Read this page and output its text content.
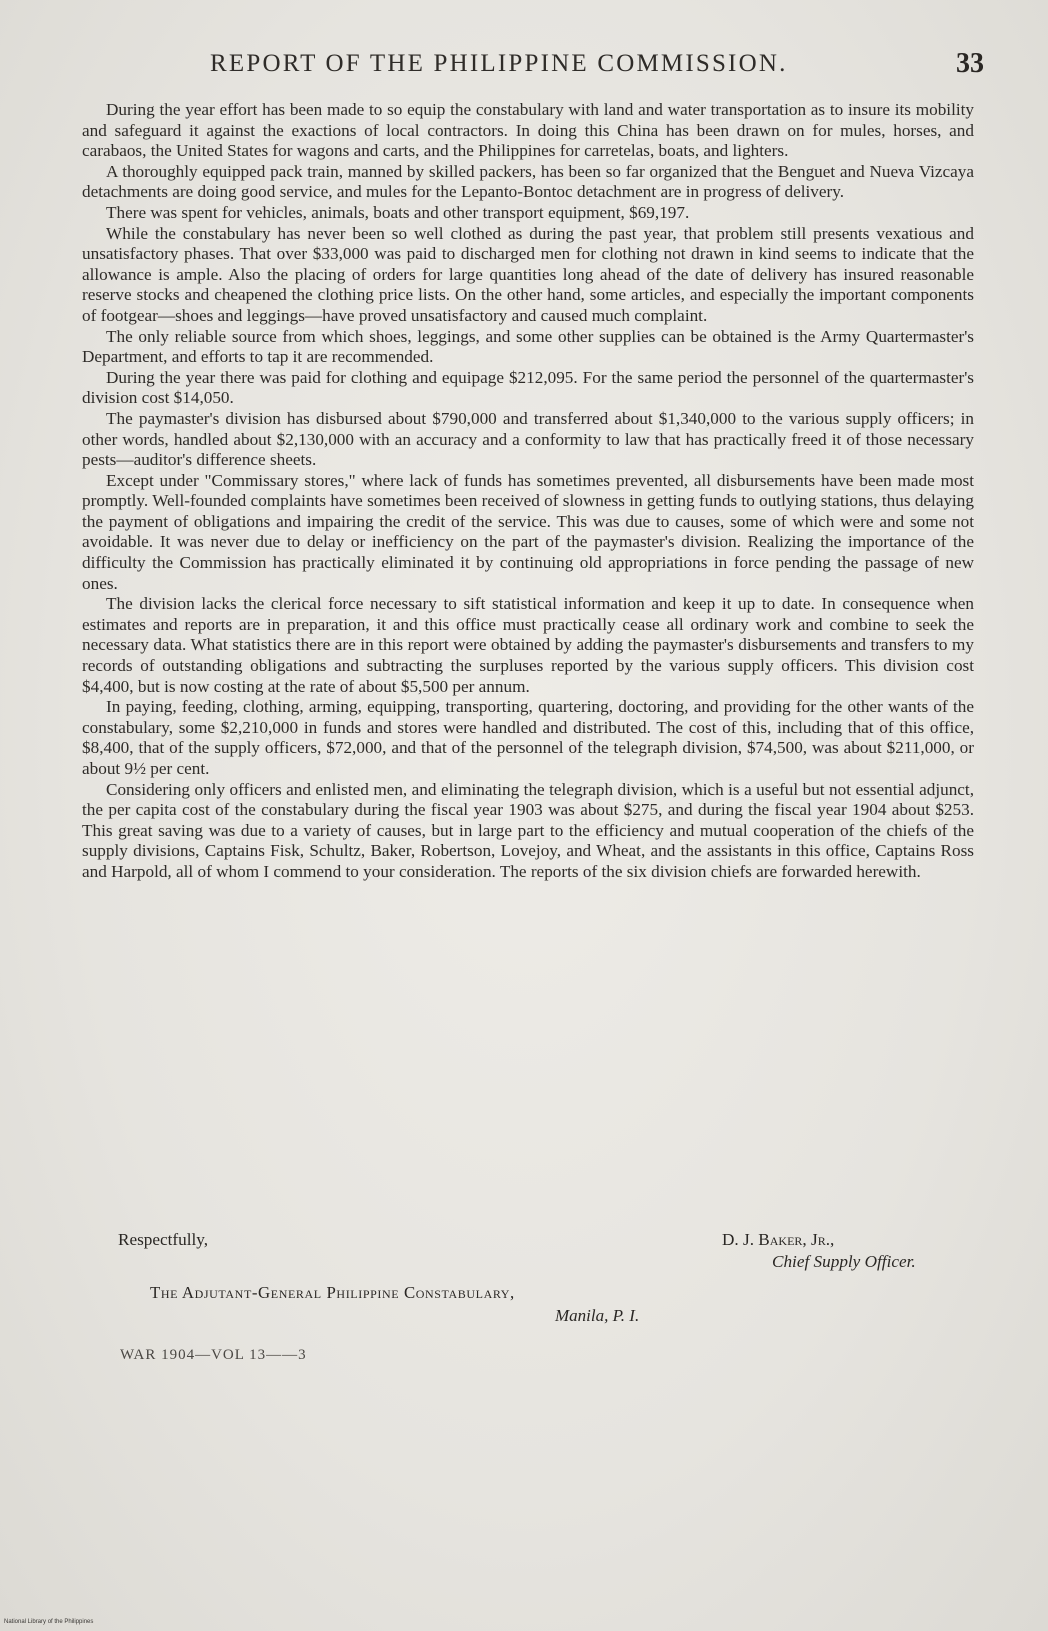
REPORT OF THE PHILIPPINE COMMISSION.	33

During the year effort has been made to so equip the constabulary with land and water transportation as to insure its mobility and safeguard it against the exactions of local contractors. In doing this China has been drawn on for mules, horses, and carabaos, the United States for wagons and carts, and the Philippines for carretelas, boats, and lighters.

A thoroughly equipped pack train, manned by skilled packers, has been so far organized that the Benguet and Nueva Vizcaya detachments are doing good service, and mules for the Lepanto-Bontoc detachment are in progress of delivery.

There was spent for vehicles, animals, boats and other transport equipment, $69,197.

While the constabulary has never been so well clothed as during the past year, that problem still presents vexatious and unsatisfactory phases. That over $33,000 was paid to discharged men for clothing not drawn in kind seems to indicate that the allowance is ample. Also the placing of orders for large quantities long ahead of the date of delivery has insured reasonable reserve stocks and cheapened the clothing price lists. On the other hand, some articles, and especially the important components of footgear—shoes and leggings—have proved unsatisfactory and caused much complaint.

The only reliable source from which shoes, leggings, and some other supplies can be obtained is the Army Quartermaster's Department, and efforts to tap it are recommended.

During the year there was paid for clothing and equipage $212,095. For the same period the personnel of the quartermaster's division cost $14,050.

The paymaster's division has disbursed about $790,000 and transferred about $1,340,000 to the various supply officers; in other words, handled about $2,130,000 with an accuracy and a conformity to law that has practically freed it of those necessary pests—auditor's difference sheets.

Except under "Commissary stores," where lack of funds has sometimes prevented, all disbursements have been made most promptly. Well-founded complaints have sometimes been received of slowness in getting funds to outlying stations, thus delaying the payment of obligations and impairing the credit of the service. This was due to causes, some of which were and some not avoidable. It was never due to delay or inefficiency on the part of the paymaster's division. Realizing the importance of the difficulty the Commission has practically eliminated it by continuing old appropriations in force pending the passage of new ones.

The division lacks the clerical force necessary to sift statistical information and keep it up to date. In consequence when estimates and reports are in preparation, it and this office must practically cease all ordinary work and combine to seek the necessary data. What statistics there are in this report were obtained by adding the paymaster's disbursements and transfers to my records of outstanding obligations and subtracting the surpluses reported by the various supply officers. This division cost $4,400, but is now costing at the rate of about $5,500 per annum.

In paying, feeding, clothing, arming, equipping, transporting, quartering, doctoring, and providing for the other wants of the constabulary, some $2,210,000 in funds and stores were handled and distributed. The cost of this, including that of this office, $8,400, that of the supply officers, $72,000, and that of the personnel of the telegraph division, $74,500, was about $211,000, or about 9½ per cent.

Considering only officers and enlisted men, and eliminating the telegraph division, which is a useful but not essential adjunct, the per capita cost of the constabulary during the fiscal year 1903 was about $275, and during the fiscal year 1904 about $253. This great saving was due to a variety of causes, but in large part to the efficiency and mutual cooperation of the chiefs of the supply divisions, Captains Fisk, Schultz, Baker, Robertson, Lovejoy, and Wheat, and the assistants in this office, Captains Ross and Harpold, all of whom I commend to your consideration. The reports of the six division chiefs are forwarded herewith.

Respectfully,	D. J. Baker, Jr.,
Chief Supply Officer.
The Adjutant-General Philippine Constabulary,
Manila, P. I.
WAR 1904—VOL 13——3
National Library of the Philippines
